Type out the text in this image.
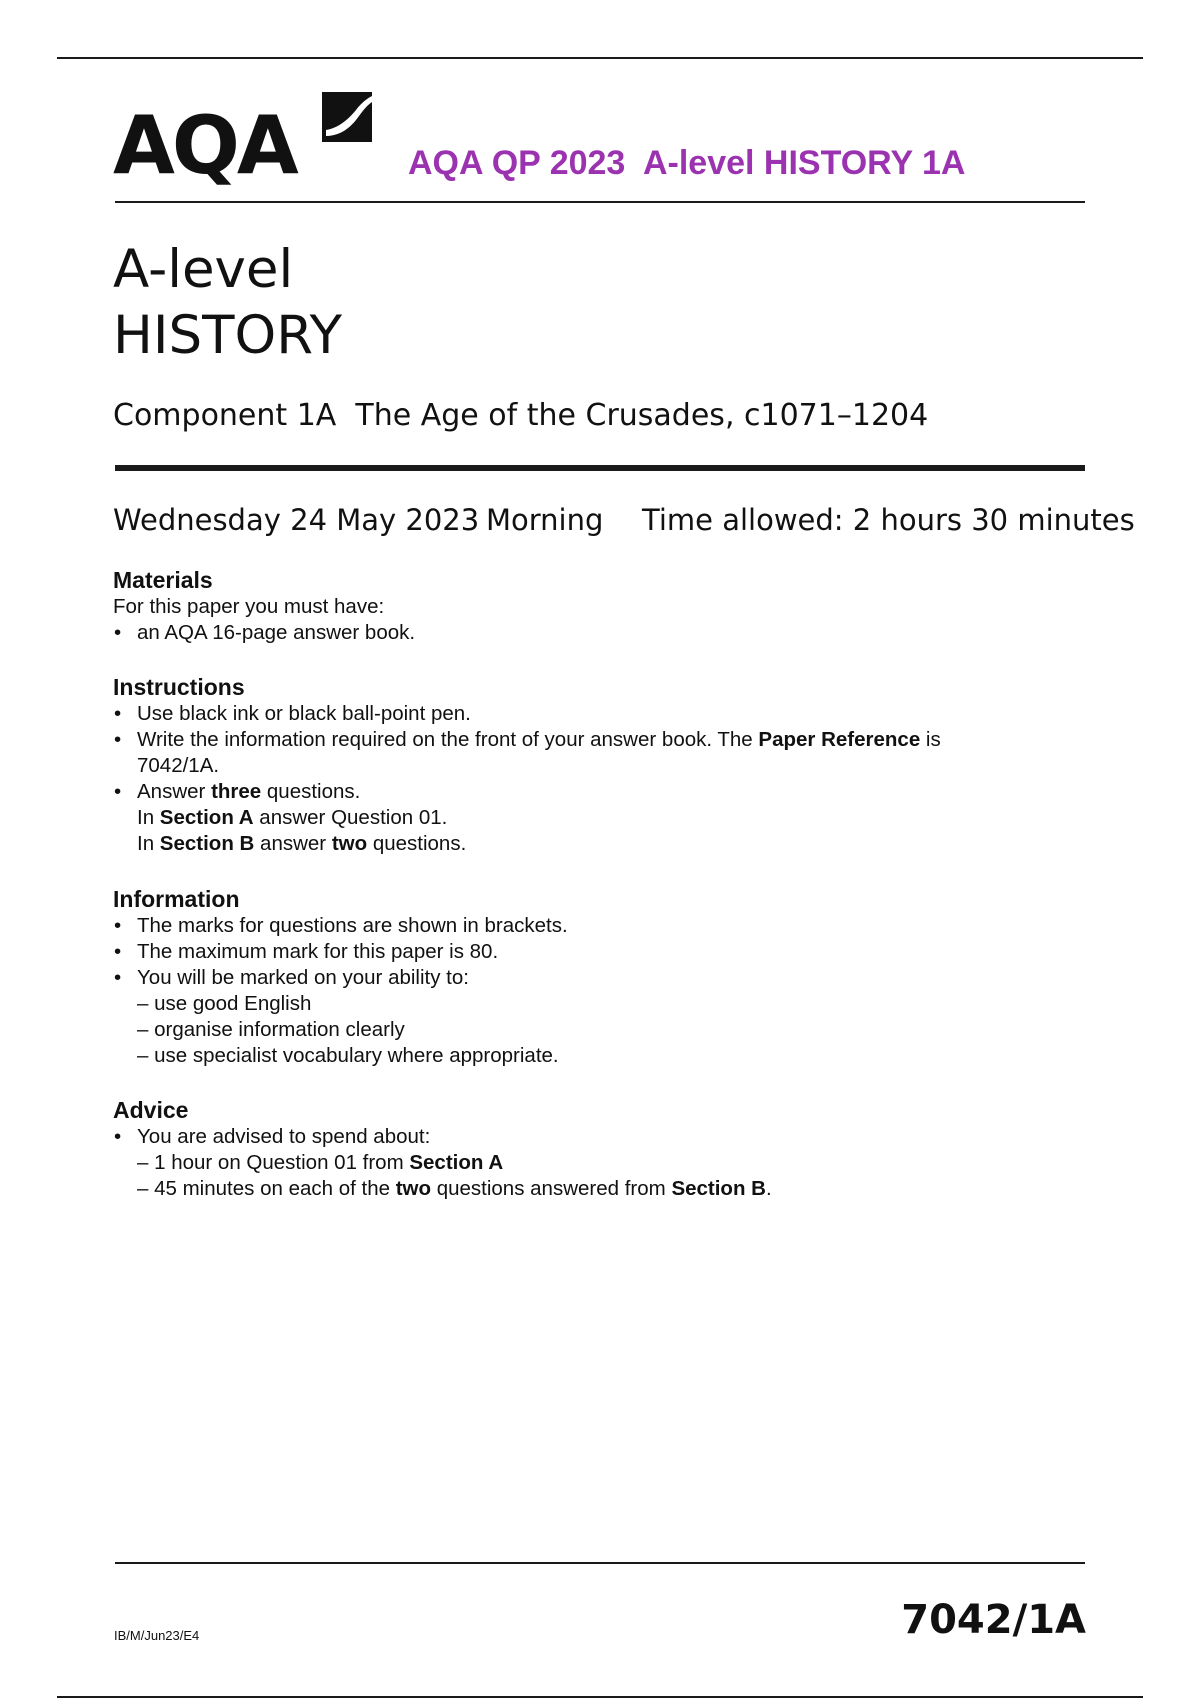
AQA	AQA QP 2023  A-level HISTORY 1A
A-level
HISTORY
Component 1A  The Age of the Crusades, c1071–1204
Wednesday 24 May 2023 Morning Time allowed: 2 hours 30 minutes
Materials

For this paper you must have:

• an AQA 16-page answer book.
Instructions
• Use black ink or black ball-point pen.
• Write the information required on the front of your answer book. The Paper Reference is
7042/1A.
• Answer three questions.
In Section A answer Question 01.
In Section B answer two questions.
Information
• The marks for questions are shown in brackets.
• The maximum mark for this paper is 80.
• You will be marked on your ability to:
– use good English
– organise information clearly
– use specialist vocabulary where appropriate.
Advice
• You are advised to spend about:
– 1 hour on Question 01 from Section A
– 45 minutes on each of the two questions answered from Section B.
IB/M/Jun23/E4	7042/1A
